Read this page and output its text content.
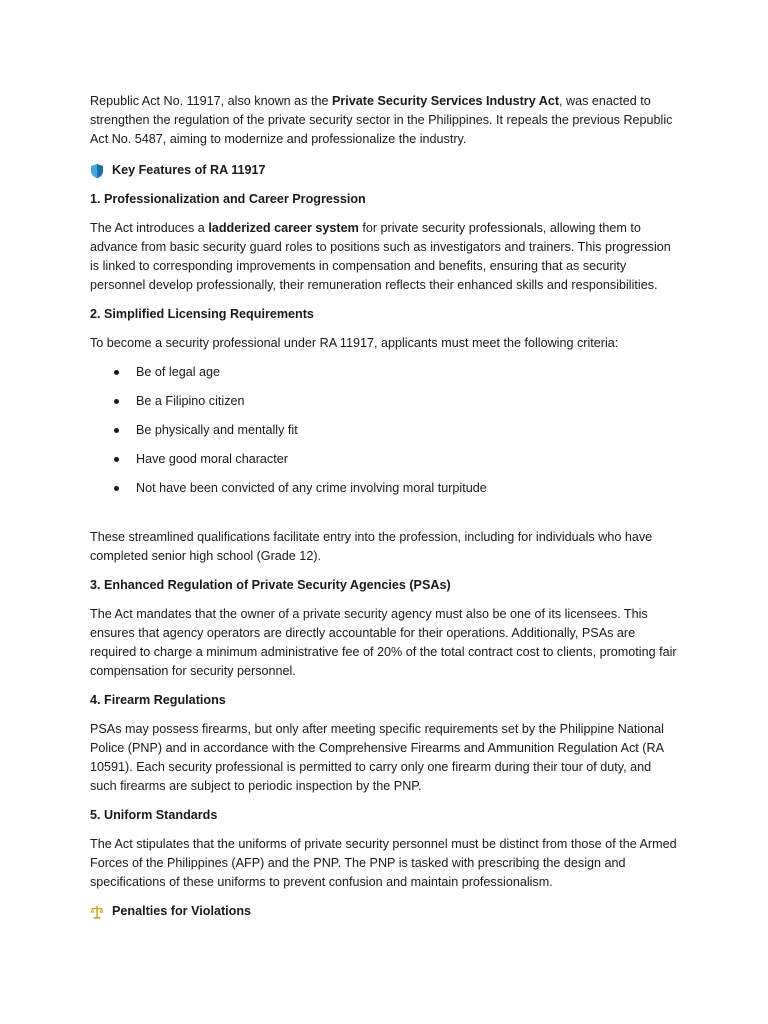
Republic Act No. 11917, also known as the Private Security Services Industry Act, was enacted to strengthen the regulation of the private security sector in the Philippines. It repeals the previous Republic Act No. 5487, aiming to modernize and professionalize the industry.

Key Features of RA 11917

1. Professionalization and Career Progression

The Act introduces a ladderized career system for private security professionals, allowing them to advance from basic security guard roles to positions such as investigators and trainers. This progression is linked to corresponding improvements in compensation and benefits, ensuring that as security personnel develop professionally, their remuneration reflects their enhanced skills and responsibilities.

2. Simplified Licensing Requirements

To become a security professional under RA 11917, applicants must meet the following criteria:

Be of legal age
Be a Filipino citizen
Be physically and mentally fit
Have good moral character
Not have been convicted of any crime involving moral turpitude

These streamlined qualifications facilitate entry into the profession, including for individuals who have completed senior high school (Grade 12).

3. Enhanced Regulation of Private Security Agencies (PSAs)

The Act mandates that the owner of a private security agency must also be one of its licensees. This ensures that agency operators are directly accountable for their operations. Additionally, PSAs are required to charge a minimum administrative fee of 20% of the total contract cost to clients, promoting fair compensation for security personnel.

4. Firearm Regulations

PSAs may possess firearms, but only after meeting specific requirements set by the Philippine National Police (PNP) and in accordance with the Comprehensive Firearms and Ammunition Regulation Act (RA 10591). Each security professional is permitted to carry only one firearm during their tour of duty, and such firearms are subject to periodic inspection by the PNP.

5. Uniform Standards

The Act stipulates that the uniforms of private security personnel must be distinct from those of the Armed Forces of the Philippines (AFP) and the PNP. The PNP is tasked with prescribing the design and specifications of these uniforms to prevent confusion and maintain professionalism.

Penalties for Violations
